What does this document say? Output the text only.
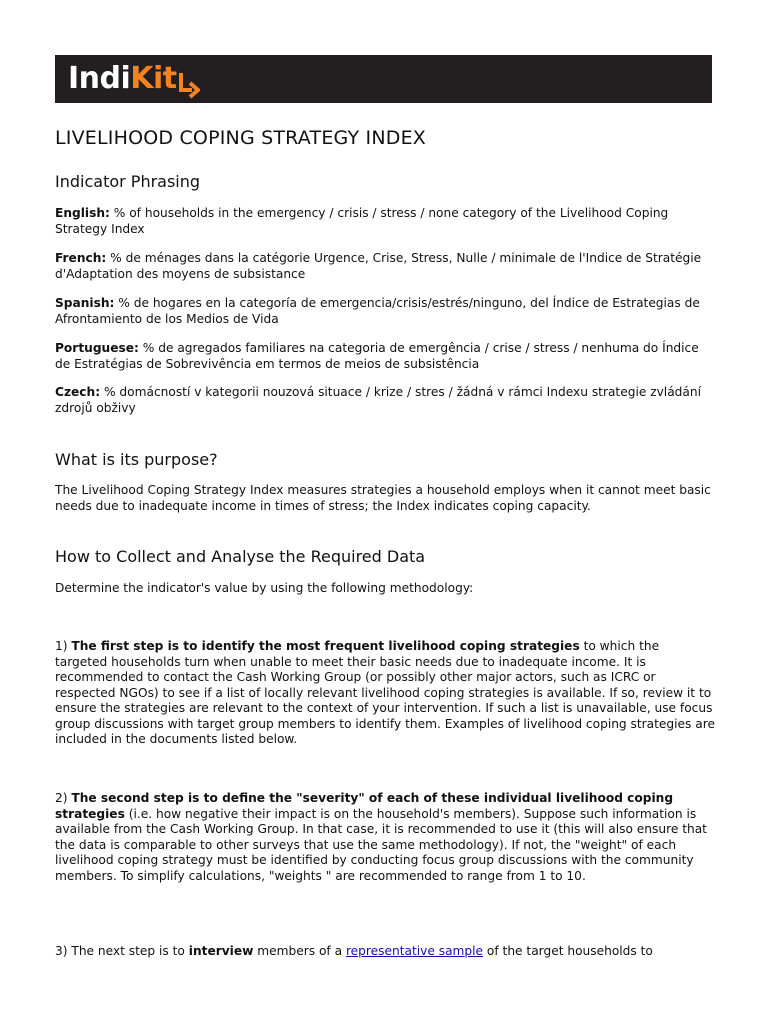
IndiKit
LIVELIHOOD COPING STRATEGY INDEX
Indicator Phrasing

English: % of households in the emergency / crisis / stress / none category of the Livelihood Coping Strategy Index

French: % de ménages dans la catégorie Urgence, Crise, Stress, Nulle / minimale de l'Indice de Stratégie d'Adaptation des moyens de subsistance

Spanish: % de hogares en la categoría de emergencia/crisis/estrés/ninguno, del Índice de Estrategias de Afrontamiento de los Medios de Vida

Portuguese: % de agregados familiares na categoria de emergência / crise / stress / nenhuma do Índice de Estratégias de Sobrevivência em termos de meios de subsistência

Czech: % domácností v kategorii nouzová situace / krize / stres / žádná v rámci Indexu strategie zvládání zdrojů obživy

What is its purpose?

The Livelihood Coping Strategy Index measures strategies a household employs when it cannot meet basic needs due to inadequate income in times of stress; the Index indicates coping capacity.

How to Collect and Analyse the Required Data

Determine the indicator's value by using the following methodology:

1) The first step is to identify the most frequent livelihood coping strategies to which the targeted households turn when unable to meet their basic needs due to inadequate income. It is recommended to contact the Cash Working Group (or possibly other major actors, such as ICRC or respected NGOs) to see if a list of locally relevant livelihood coping strategies is available. If so, review it to ensure the strategies are relevant to the context of your intervention. If such a list is unavailable, use focus group discussions with target group members to identify them. Examples of livelihood coping strategies are included in the documents listed below.

2) The second step is to define the "severity" of each of these individual livelihood coping strategies (i.e. how negative their impact is on the household's members). Suppose such information is available from the Cash Working Group. In that case, it is recommended to use it (this will also ensure that the data is comparable to other surveys that use the same methodology). If not, the "weight" of each livelihood coping strategy must be identified by conducting focus group discussions with the community members. To simplify calculations, "weights " are recommended to range from 1 to 10.

3) The next step is to interview members of a representative sample of the target households to
